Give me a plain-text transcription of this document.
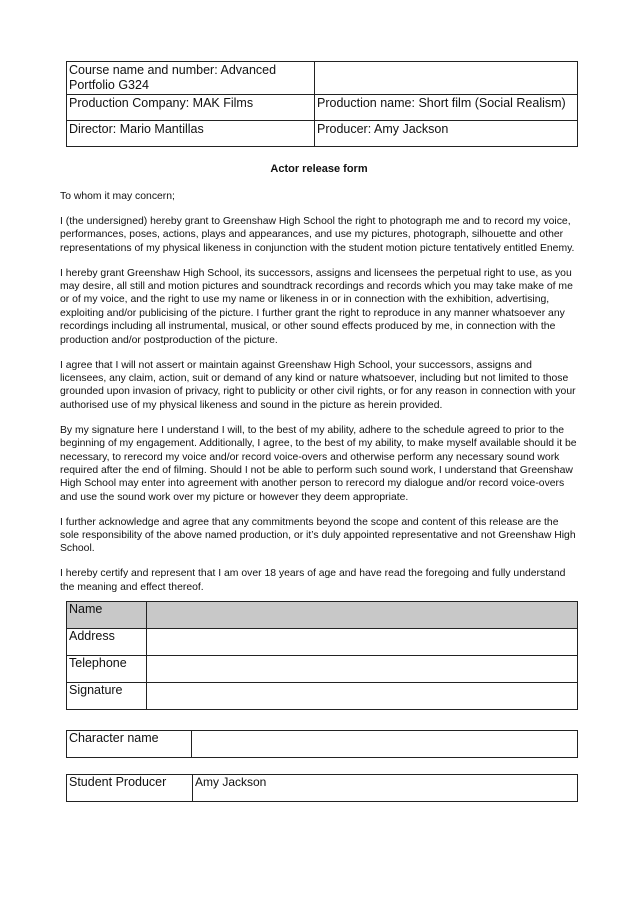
Course name and number: Advanced
Portfolio G324	

Production Company: MAK Films	Production name: Short film (Social Realism)
Director: Mario Mantillas	Producer: Amy Jackson
Actor release form

To whom it may concern;

I (the undersigned) hereby grant to Greenshaw High School the right to photograph me and to record my voice, performances, poses, actions, plays and appearances, and use my pictures, photograph, silhouette and other representations of my physical likeness in conjunction with the student motion picture tentatively entitled Enemy.

I hereby grant Greenshaw High School, its successors, assigns and licensees the perpetual right to use, as you may desire, all still and motion pictures and soundtrack recordings and records which you may take make of me or of my voice, and the right to use my name or likeness in or in connection with the exhibition, advertising, exploiting and/or publicising of the picture. I further grant the right to reproduce in any manner whatsoever any recordings including all instrumental, musical, or other sound effects produced by me, in connection with the production and/or postproduction of the picture.

I agree that I will not assert or maintain against Greenshaw High School, your successors, assigns and licensees, any claim, action, suit or demand of any kind or nature whatsoever, including but not limited to those grounded upon invasion of privacy, right to publicity or other civil rights, or for any reason in connection with your authorised use of my physical likeness and sound in the picture as herein provided.

By my signature here I understand I will, to the best of my ability, adhere to the schedule agreed to prior to the beginning of my engagement. Additionally, I agree, to the best of my ability, to make myself available should it be necessary, to rerecord my voice and/or record voice-overs and otherwise perform any necessary sound work required after the end of filming. Should I not be able to perform such sound work, I understand that Greenshaw High School may enter into agreement with another person to rerecord my dialogue and/or record voice-overs and use the sound work over my picture or however they deem appropriate.

I further acknowledge and agree that any commitments beyond the scope and content of this release are the sole responsibility of the above named production, or it’s duly appointed representative and not Greenshaw High School.

I hereby certify and represent that I am over 18 years of age and have read the foregoing and fully understand the meaning and effect thereof.

Name	
Address	
Telephone	
Signature	
Character name	
Student Producer	Amy Jackson
